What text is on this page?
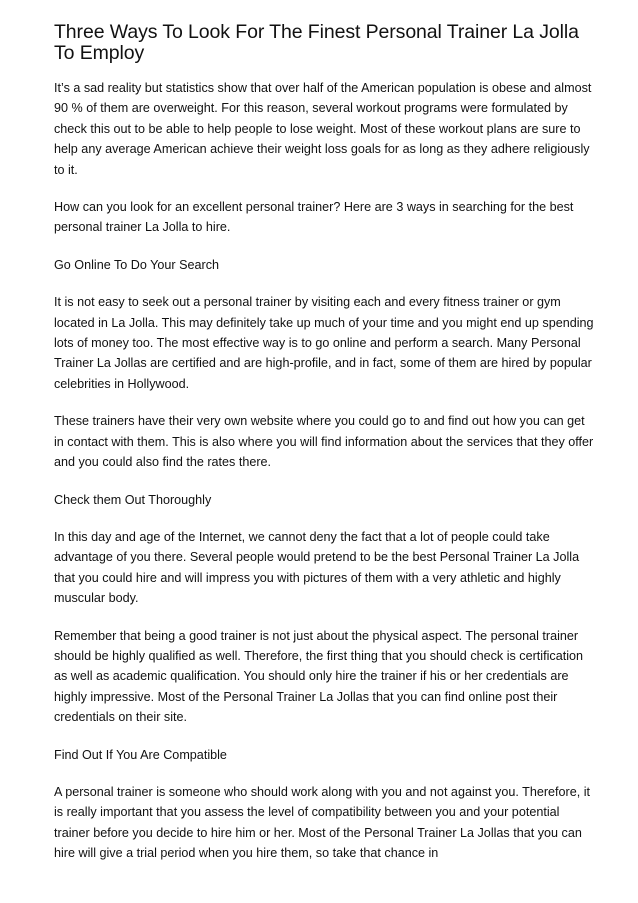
Three Ways To Look For The Finest Personal Trainer La Jolla To Employ

It’s a sad reality but statistics show that over half of the American population is obese and almost 90 % of them are overweight. For this reason, several workout programs were formulated by check this out to be able to help people to lose weight. Most of these workout plans are sure to help any average American achieve their weight loss goals for as long as they adhere religiously to it.

How can you look for an excellent personal trainer? Here are 3 ways in searching for the best personal trainer La Jolla to hire.

Go Online To Do Your Search

It is not easy to seek out a personal trainer by visiting each and every fitness trainer or gym located in La Jolla. This may definitely take up much of your time and you might end up spending lots of money too. The most effective way is to go online and perform a search. Many Personal Trainer La Jollas are certified and are high-profile, and in fact, some of them are hired by popular celebrities in Hollywood.

These trainers have their very own website where you could go to and find out how you can get in contact with them. This is also where you will find information about the services that they offer and you could also find the rates there.

Check them Out Thoroughly

In this day and age of the Internet, we cannot deny the fact that a lot of people could take advantage of you there. Several people would pretend to be the best Personal Trainer La Jolla that you could hire and will impress you with pictures of them with a very athletic and highly muscular body.

Remember that being a good trainer is not just about the physical aspect. The personal trainer should be highly qualified as well. Therefore, the first thing that you should check is certification as well as academic qualification. You should only hire the trainer if his or her credentials are highly impressive. Most of the Personal Trainer La Jollas that you can find online post their credentials on their site.

Find Out If You Are Compatible

A personal trainer is someone who should work along with you and not against you. Therefore, it is really important that you assess the level of compatibility between you and your potential trainer before you decide to hire him or her. Most of the Personal Trainer La Jollas that you can hire will give a trial period when you hire them, so take that chance in
